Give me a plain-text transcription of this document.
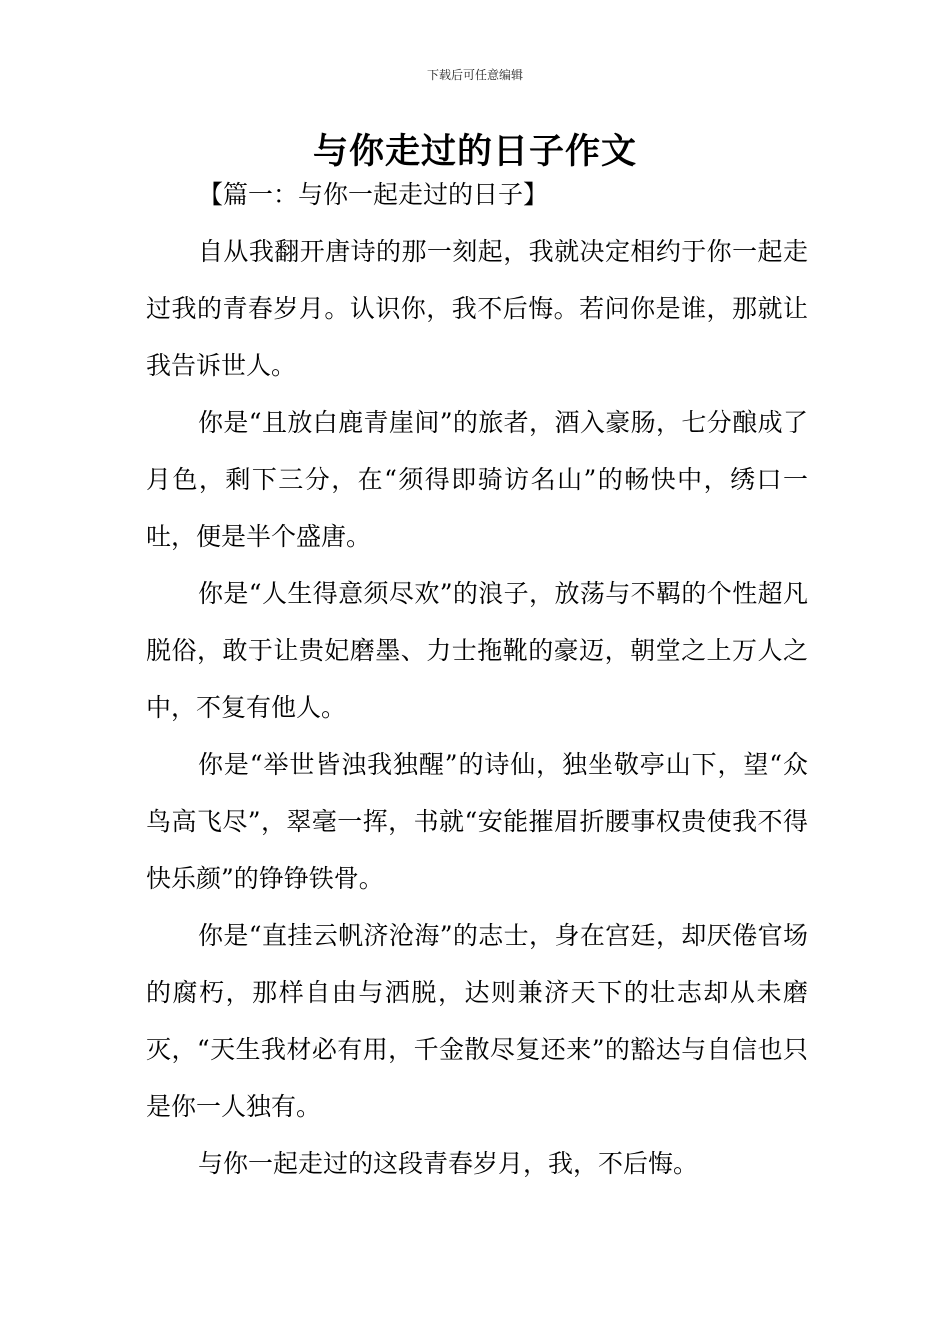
下载后可任意编辑
与你走过的日子作文

【篇一：与你一起走过的日子】

自从我翻开唐诗的那一刻起，我就决定相约于你一起走过我的青春岁月。认识你，我不后悔。若问你是谁，那就让我告诉世人。

你是“且放白鹿青崖间”的旅者，酒入豪肠，七分酿成了月色，剩下三分，在“须得即骑访名山”的畅快中，绣口一吐，便是半个盛唐。

你是“人生得意须尽欢”的浪子，放荡与不羁的个性超凡脱俗，敢于让贵妃磨墨、力士拖靴的豪迈，朝堂之上万人之中，不复有他人。

你是“举世皆浊我独醒”的诗仙，独坐敬亭山下，望“众鸟高飞尽”，翠毫一挥，书就“安能摧眉折腰事权贵使我不得快乐颜”的铮铮铁骨。

你是“直挂云帆济沧海”的志士，身在宫廷，却厌倦官场的腐朽，那样自由与洒脱，达则兼济天下的壮志却从未磨灭，“天生我材必有用，千金散尽复还来”的豁达与自信也只是你一人独有。

与你一起走过的这段青春岁月，我，不后悔。
